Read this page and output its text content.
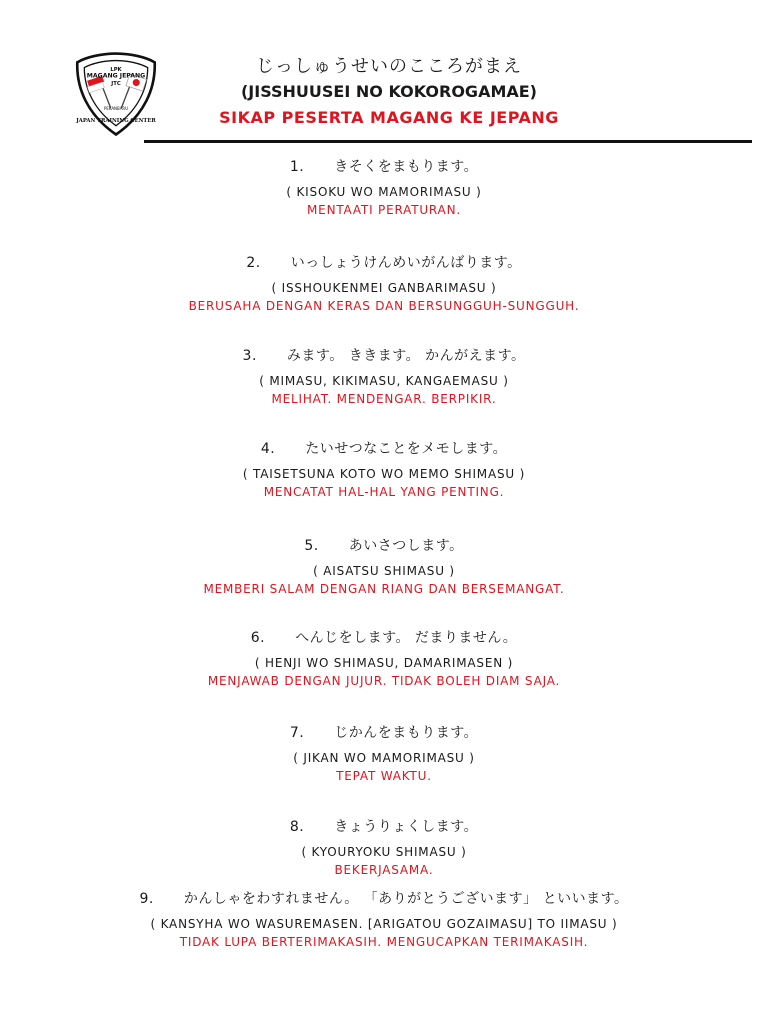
LPK
MAGANG JEPANG
JTC
PEKANBARU
JAPAN TRAINING CENTER
じっしゅうせいのこころがまえ
(JISSHUUSEI NO KOKOROGAMAE)
SIKAP PESERTA MAGANG KE JEPANG
1. きそくをまもります。
( KISOKU WO MAMORIMASU )
MENTAATI PERATURAN.
2. いっしょうけんめいがんばります。
( ISSHOUKENMEI GANBARIMASU )
BERUSAHA DENGAN KERAS DAN BERSUNGGUH-SUNGGUH.
3. みます。 ききます。 かんがえます。
( MIMASU, KIKIMASU, KANGAEMASU )
MELIHAT. MENDENGAR. BERPIKIR.
4. たいせつなことをメモします。
( TAISETSUNA KOTO WO MEMO SHIMASU )
MENCATAT HAL-HAL YANG PENTING.
5. あいさつします。
( AISATSU SHIMASU )
MEMBERI SALAM DENGAN RIANG DAN BERSEMANGAT.
6. へんじをします。 だまりません。
( HENJI WO SHIMASU, DAMARIMASEN )
MENJAWAB DENGAN JUJUR. TIDAK BOLEH DIAM SAJA.
7. じかんをまもります。
( JIKAN WO MAMORIMASU )
TEPAT WAKTU.
8. きょうりょくします。
( KYOURYOKU SHIMASU )
BEKERJASAMA.
9. かんしゃをわすれません。 「ありがとうございます」 といいます。
( KANSYHA WO WASUREMASEN. [ARIGATOU GOZAIMASU] TO IIMASU )
TIDAK LUPA BERTERIMAKASIH. MENGUCAPKAN TERIMAKASIH.
